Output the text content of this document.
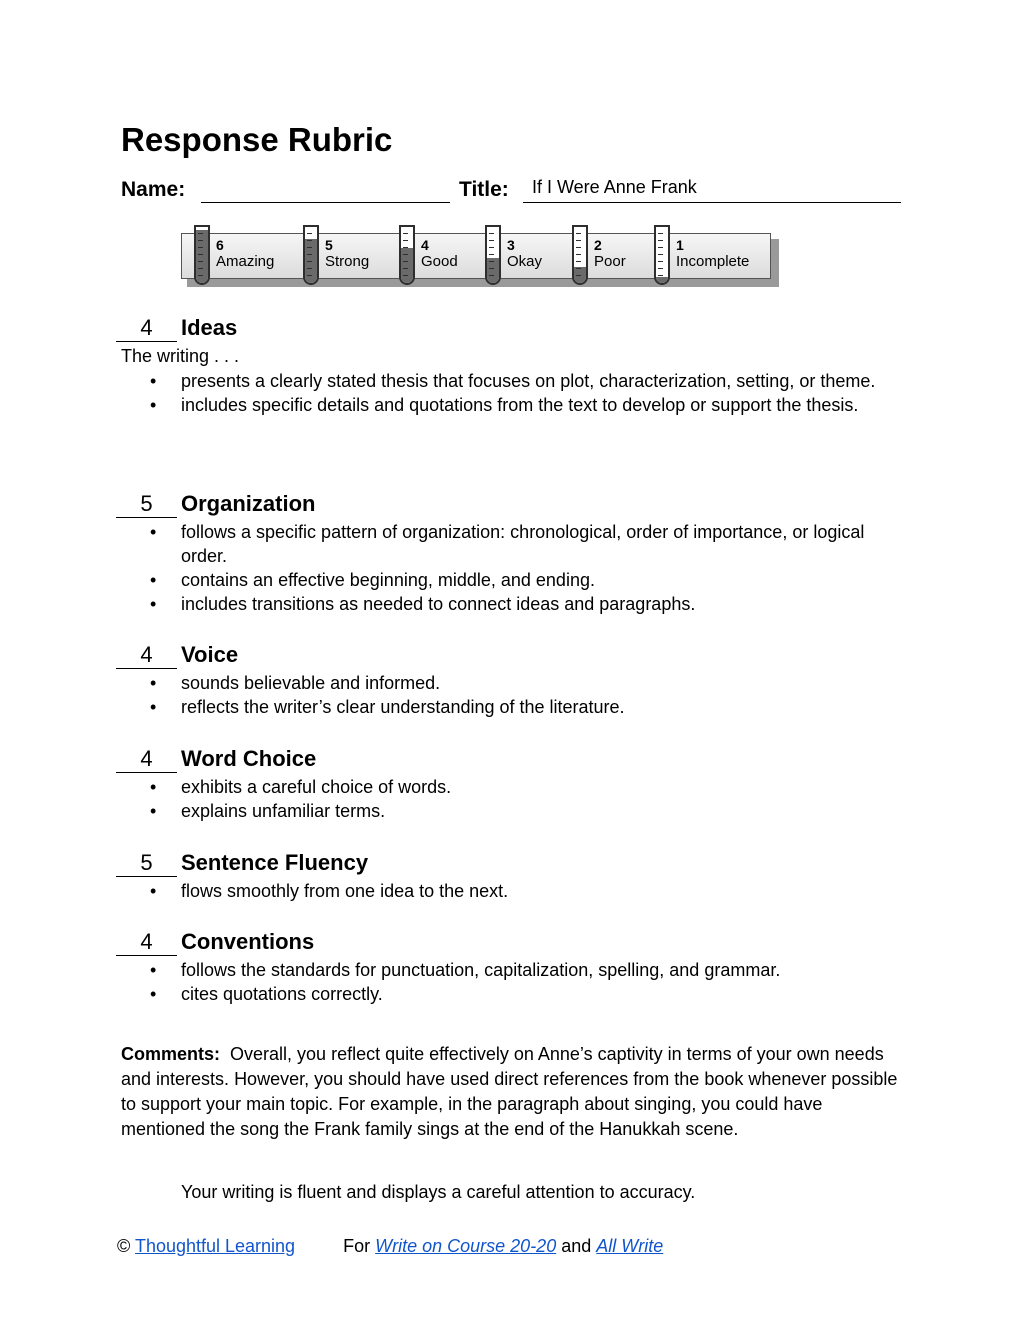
Response Rubric
Name:	Title: If I Were Anne Frank
6
Amazing
5
Strong
4
Good
3
Okay
2
Poor
1
Incomplete
4	Ideas
The writing . . .
• presents a clearly stated thesis that focuses on plot, characterization, setting, or theme.
• includes specific details and quotations from the text to develop or support the thesis.
5	Organization
• follows a specific pattern of organization: chronological, order of importance, or logical order.
• contains an effective beginning, middle, and ending.
• includes transitions as needed to connect ideas and paragraphs.
4	Voice
• sounds believable and informed.
• reflects the writer’s clear understanding of the literature.
4	Word Choice
• exhibits a careful choice of words.
• explains unfamiliar terms.
5	Sentence Fluency
• flows smoothly from one idea to the next.
4	Conventions
• follows the standards for punctuation, capitalization, spelling, and grammar.
• cites quotations correctly.

Comments: Overall, you reflect quite effectively on Anne’s captivity in terms of your own needs and interests. However, you should have used direct references from the book whenever possible to support your main topic. For example, in the paragraph about singing, you could have mentioned the song the Frank family sings at the end of the Hanukkah scene.

Your writing is fluent and displays a careful attention to accuracy.

© Thoughtful Learning	For Write on Course 20-20 and All Write
